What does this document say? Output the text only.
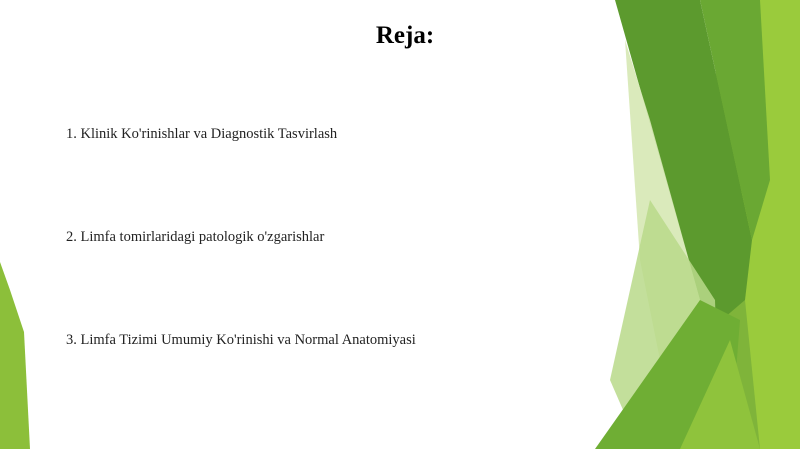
Reja:
1. Klinik Ko'rinishlar va Diagnostik Tasvirlash
2. Limfa tomirlaridagi patologik o'zgarishlar
3. Limfa Tizimi Umumiy Ko'rinishi va Normal Anatomiyasi
